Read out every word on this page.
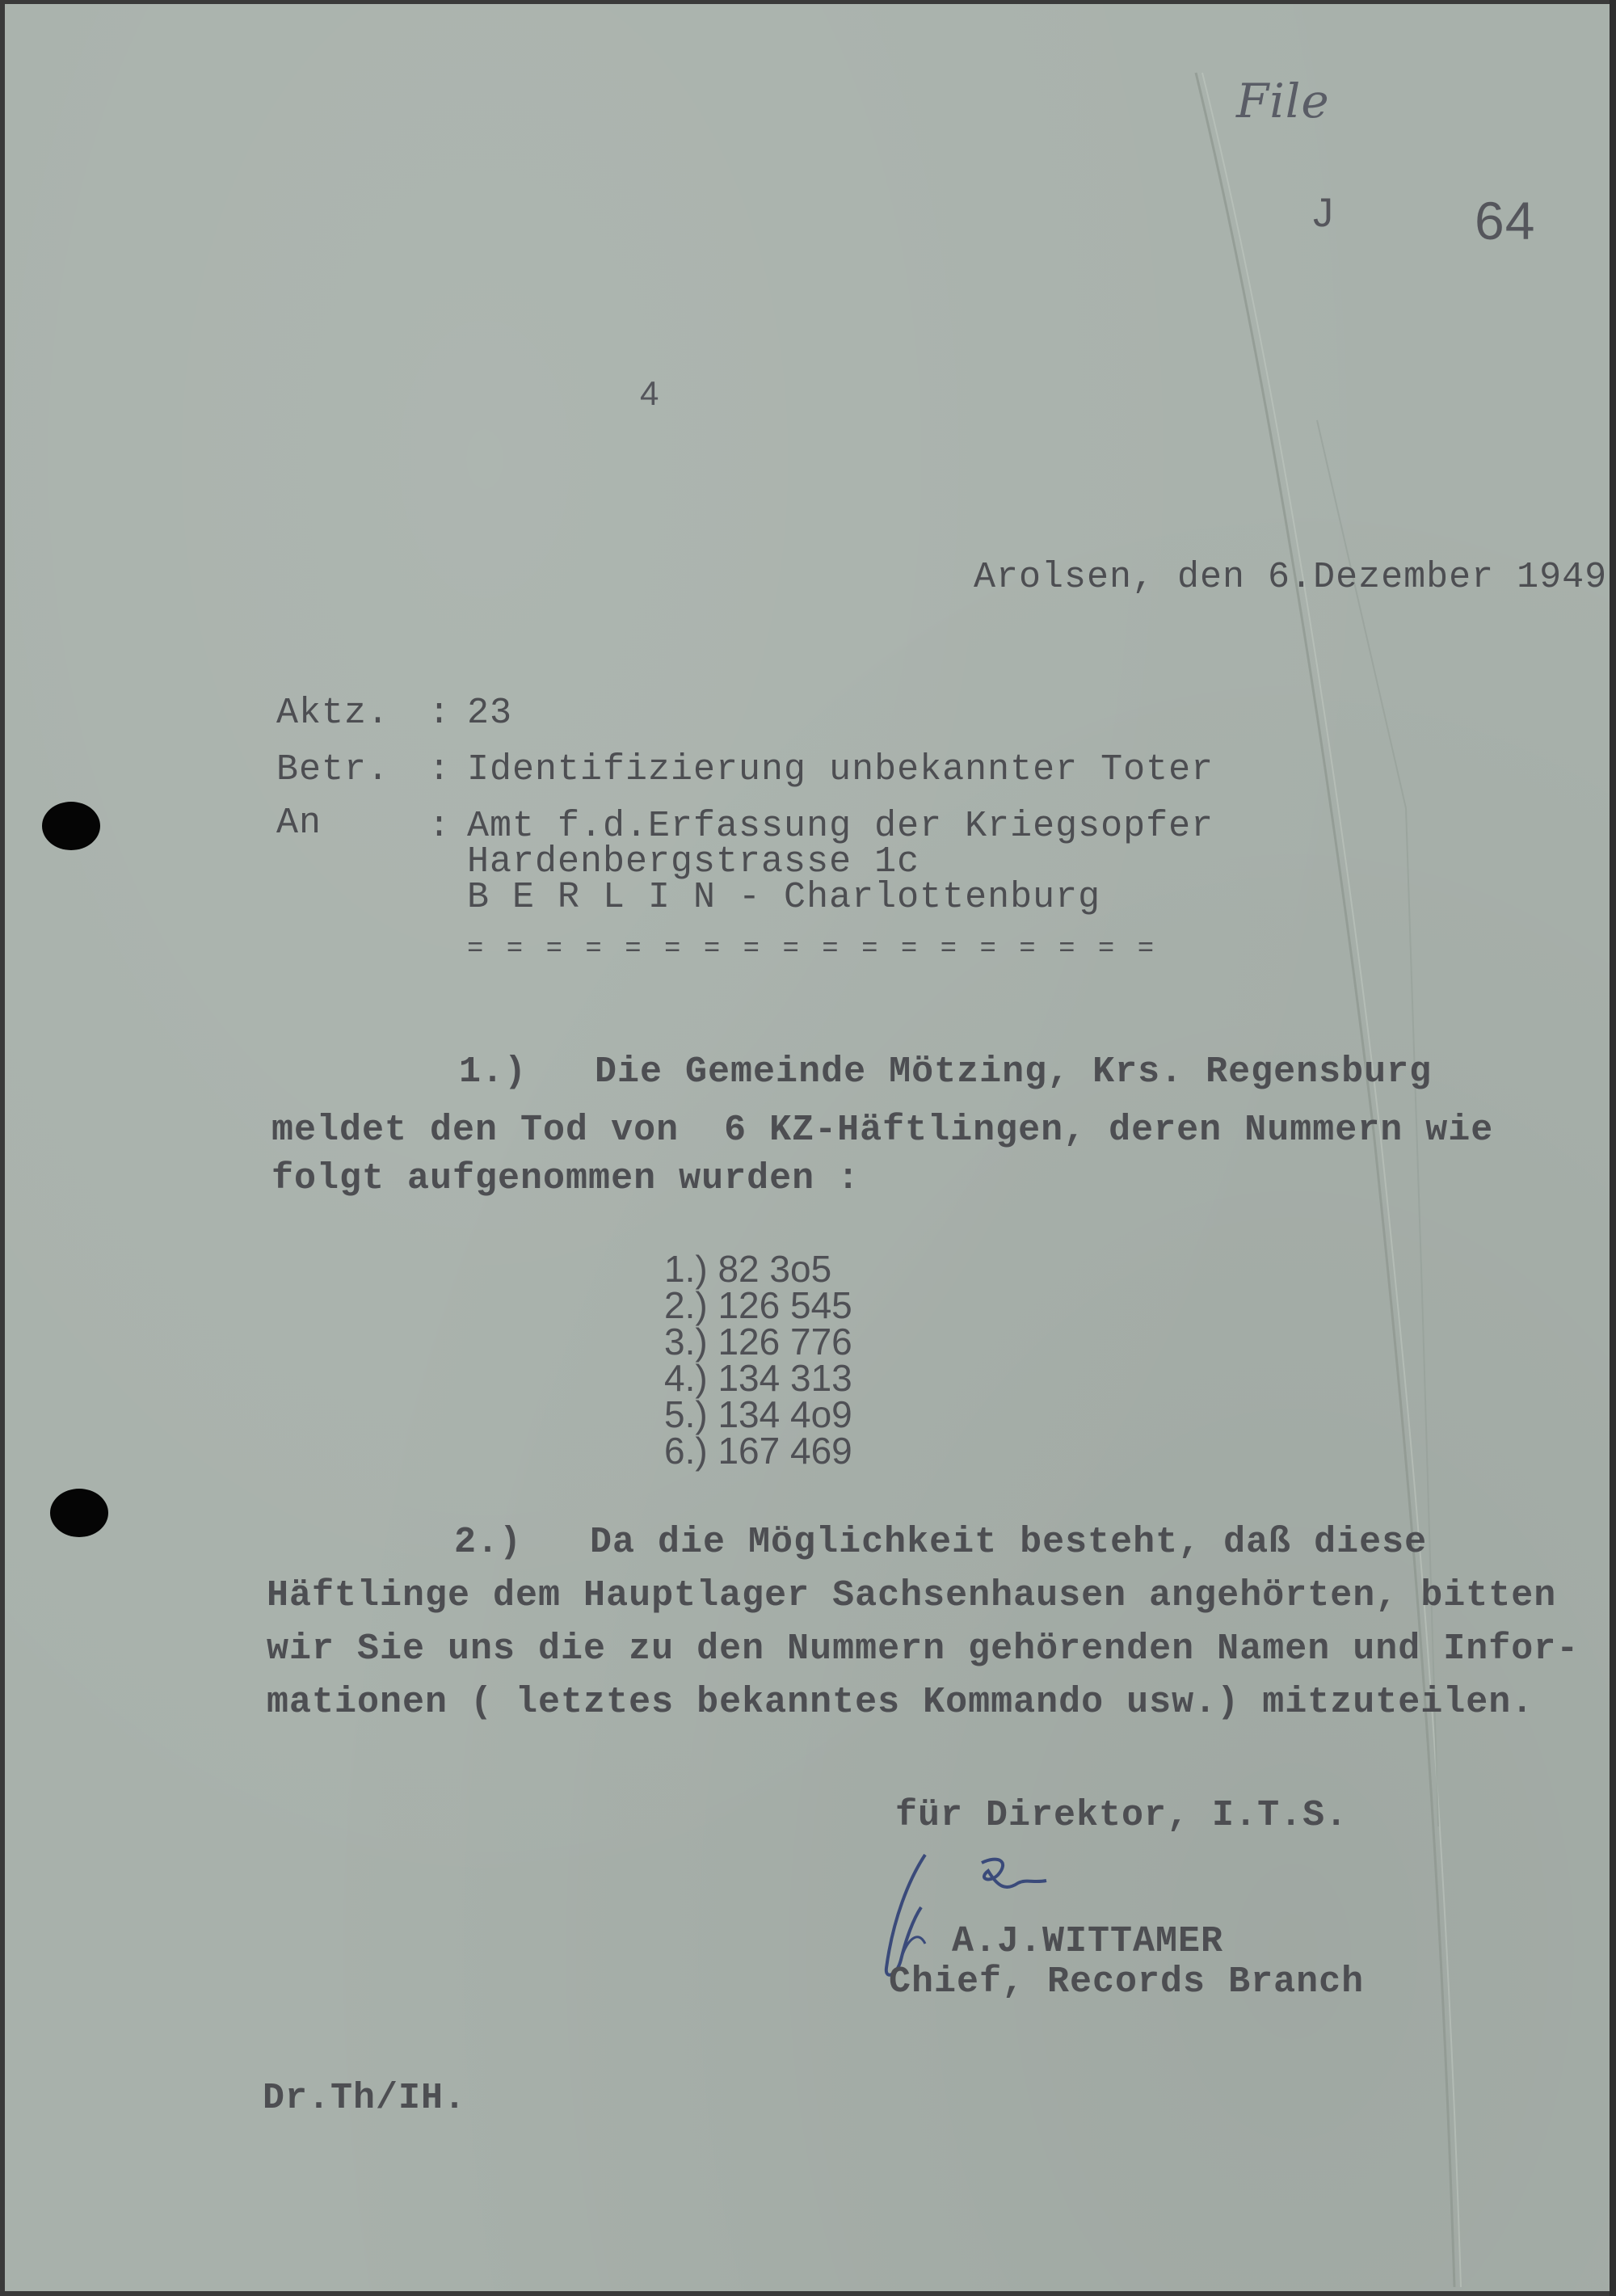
File
J	64
4
Arolsen, den 6.Dezember 1949
Aktz. : 23
Betr. : Identifizierung unbekannter Toter
An	: Amt f.d.Erfassung der Kriegsopfer
Hardenbergstrasse 1c
B E R L I N - Charlottenburg
= = = = = = = = = = = = = = = = = =
1.)   Die Gemeinde Mötzing, Krs. Regensburg
meldet den Tod von  6 KZ-Häftlingen, deren Nummern wie
folgt aufgenommen wurden :
1.) 82 3o5
2.) 126 545
3.) 126 776
4.) 134 313
5.) 134 4o9
6.) 167 469
2.)   Da die Möglichkeit besteht, daß diese
Häftlinge dem Hauptlager Sachsenhausen angehörten, bitten
wir Sie uns die zu den Nummern gehörenden Namen und Infor-
mationen ( letztes bekanntes Kommando usw.) mitzuteilen.
für Direktor, I.T.S.
A.J.WITTAMER
Chief, Records Branch
Dr.Th/IH.
